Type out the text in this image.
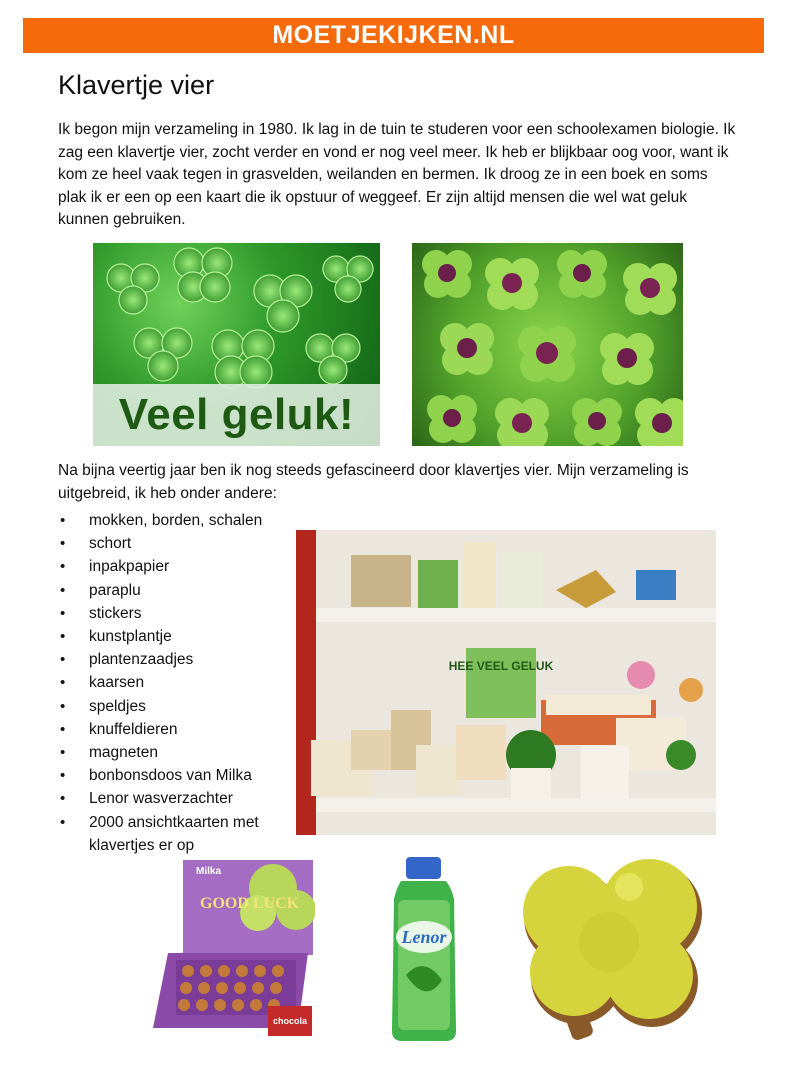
MOETJEKIJKEN.NL
Klavertje vier

Ik begon mijn verzameling in 1980. Ik lag in de tuin te studeren voor een schoolexamen biologie. Ik zag een klavertje vier, zocht verder en vond er nog veel meer. Ik heb er blijkbaar oog voor, want ik kom ze heel vaak tegen in grasvelden, weilanden en bermen. Ik droog ze in een boek en soms plak ik er een op een kaart die ik opstuur of weggeef. Er zijn altijd mensen die wel wat geluk kunnen gebruiken.

Veel geluk!

Na bijna veertig jaar ben ik nog steeds gefascineerd door klavertjes vier. Mijn verzameling is uitgebreid, ik heb onder andere:

• mokken, borden, schalen
• schort
• inpakpapier
• paraplu
• stickers
• kunstplantje
• plantenzaadjes
• kaarsen
• speldjes
• knuffeldieren
• magneten
• bonbonsdoos van Milka
• Lenor wasverzachter
• 2000 ansichtkaarten met klavertjes er op
HEE VEEL GELUK
Milka
GOOD LUCK
chocola
Lenor
